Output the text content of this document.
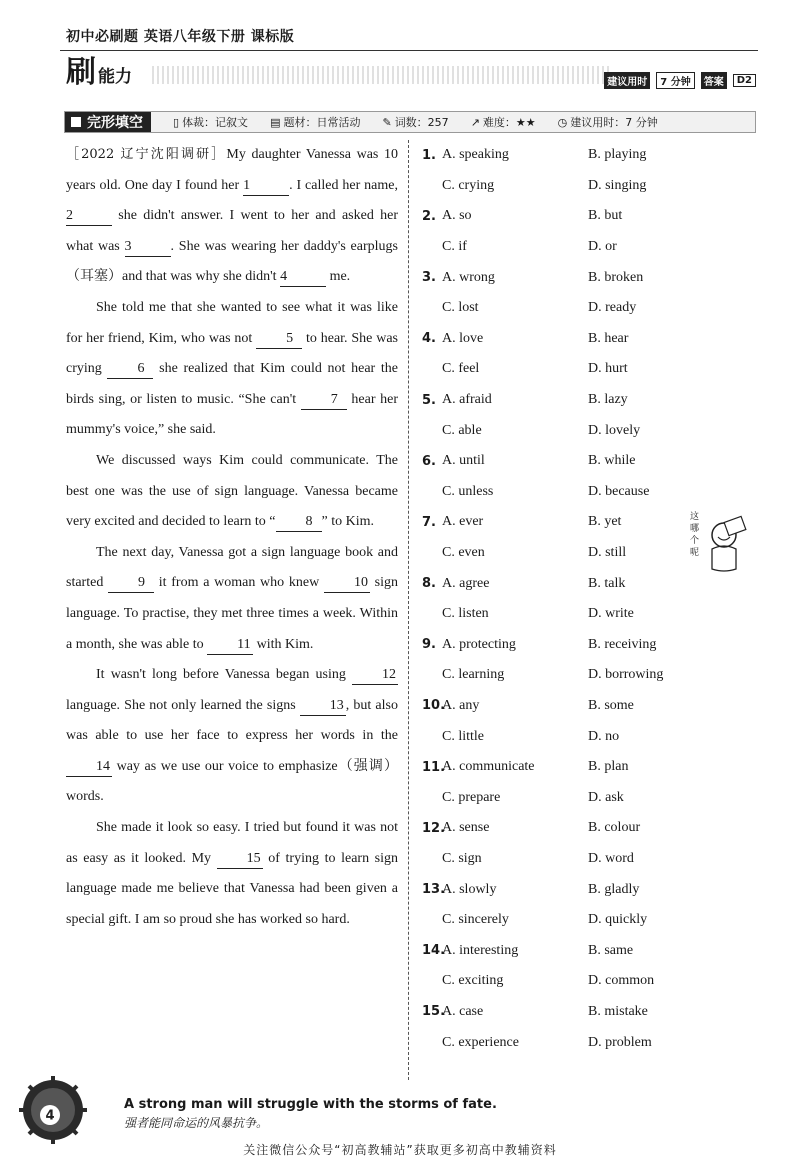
初中必刷题 英语八年级下册 课标版
刷 能力	建议用时	7 分钟	答案	D2
完形填空	▯ 体裁：记叙文 ▤ 题材：日常活动 ✎ 词数：257 ↗ 难度：★★ ◷ 建议用时：7 分钟

［2022 辽宁沈阳调研］My daughter Vanessa was 10 years old. One day I found her 1	. I called her name, 2	she didn't answer. I went to her and asked her what was 3	. She was wearing her daddy's earplugs（耳塞）and that was why she didn't 4	me.

She told me that she wanted to see what it was like for her friend, Kim, who was not 5 to hear. She was crying 6 she realized that Kim could not hear the birds sing, or listen to music. “She can't 7 hear her mummy's voice,” she said.

We discussed ways Kim could communicate. The best one was the use of sign language. Vanessa became very excited and decided to learn to “ 8 ” to Kim.

The next day, Vanessa got a sign language book and started 9 it from a woman who knew 10 sign language. To practise, they met three times a week. Within a month, she was able to 11 with Kim.

It wasn't long before Vanessa began using 12 language. She not only learned the signs 13 , but also was able to use her face to express her words in the 14 way as we use our voice to emphasize（强调）words.

She made it look so easy. I tried but found it was not as easy as it looked. My 15 of trying to learn sign language made me believe that Vanessa had been given a special gift. I am so proud she has worked so hard.

1. A. speaking	B. playing
C. crying	D. singing
2. A. so	B. but
C. if	D. or
3. A. wrong	B. broken
C. lost	D. ready
4. A. love	B. hear
C. feel	D. hurt
5. A. afraid	B. lazy
C. able	D. lovely
6. A. until	B. while
C. unless	D. because
7. A. ever	B. yet
C. even	D. still
8. A. agree	B. talk
C. listen	D. write
9. A. protecting	B. receiving
C. learning	D. borrowing
10.
A. any	B. some
C. little	D. no
11.
A. communicate	B. plan
C. prepare	D. ask
12.
A. sense	B. colour
C. sign	D. word
13.
A. slowly	B. gladly
C. sincerely	D. quickly
14.
A. interesting	B. same
C. exciting	D. common
15.
A. case	B. mistake
C. experience	D. problem
这
哪
个
呢
4
A strong man will struggle with the storms of fate.
强者能同命运的风暴抗争。
关注微信公众号“初高教辅站”获取更多初高中教辅资料
